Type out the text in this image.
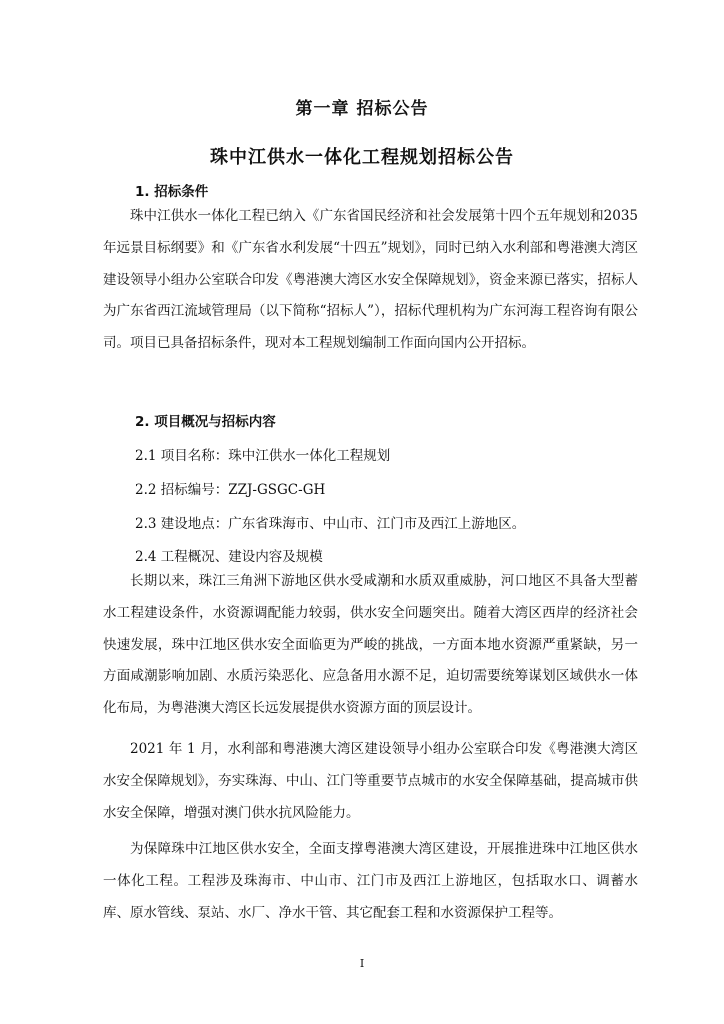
第一章 招标公告
珠中江供水一体化工程规划招标公告
1. 招标条件
珠中江供水一体化工程已纳入《广东省国民经济和社会发展第十四个五年规划和2035 年远景目标纲要》和《广东省水利发展“十四五”规划》，同时已纳入水利部和粤港澳大湾区建设领导小组办公室联合印发《粤港澳大湾区水安全保障规划》，资金来源已落实，招标人为广东省西江流域管理局（以下简称“招标人”），招标代理机构为广东河海工程咨询有限公司。项目已具备招标条件，现对本工程规划编制工作面向国内公开招标。
2. 项目概况与招标内容
2.1 项目名称：珠中江供水一体化工程规划
2.2 招标编号：ZZJ-GSGC-GH
2.3 建设地点：广东省珠海市、中山市、江门市及西江上游地区。
2.4 工程概况、建设内容及规模
长期以来，珠江三角洲下游地区供水受咸潮和水质双重威胁，河口地区不具备大型蓄水工程建设条件，水资源调配能力较弱，供水安全问题突出。随着大湾区西岸的经济社会快速发展，珠中江地区供水安全面临更为严峻的挑战，一方面本地水资源严重紧缺，另一方面咸潮影响加剧、水质污染恶化、应急备用水源不足，迫切需要统筹谋划区域供水一体化布局，为粤港澳大湾区长远发展提供水资源方面的顶层设计。
2021 年 1 月，水利部和粤港澳大湾区建设领导小组办公室联合印发《粤港澳大湾区水安全保障规划》，夯实珠海、中山、江门等重要节点城市的水安全保障基础，提高城市供水安全保障，增强对澳门供水抗风险能力。
为保障珠中江地区供水安全，全面支撑粤港澳大湾区建设，开展推进珠中江地区供水一体化工程。工程涉及珠海市、中山市、江门市及西江上游地区，包括取水口、调蓄水库、原水管线、泵站、水厂、净水干管、其它配套工程和水资源保护工程等。
I
